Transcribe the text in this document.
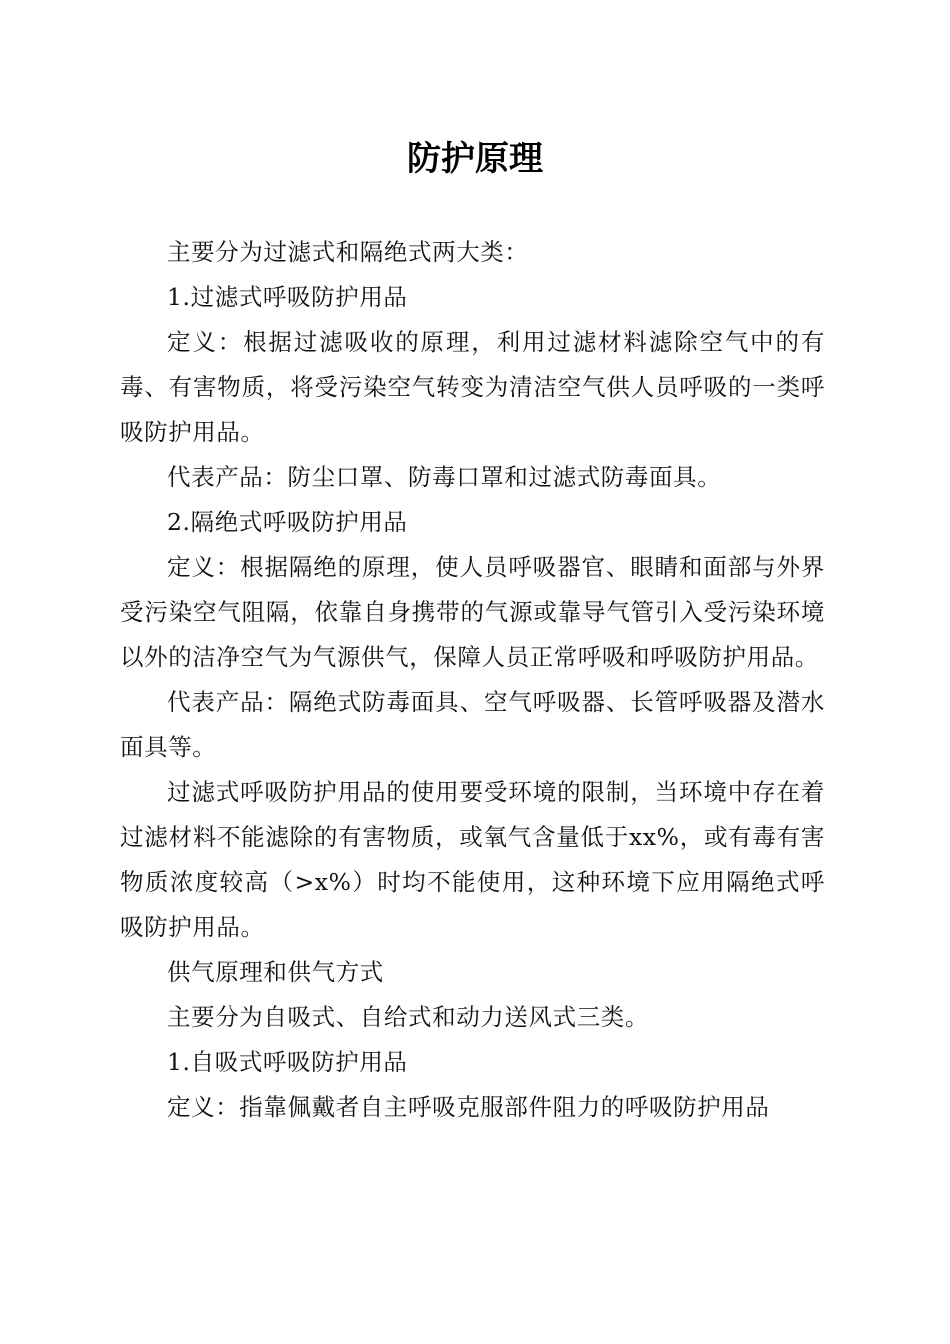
防护原理

主要分为过滤式和隔绝式两大类：

1.过滤式呼吸防护用品

定义：根据过滤吸收的原理，利用过滤材料滤除空气中的有毒、有害物质，将受污染空气转变为清洁空气供人员呼吸的一类呼吸防护用品。

代表产品：防尘口罩、防毒口罩和过滤式防毒面具。

2.隔绝式呼吸防护用品

定义：根据隔绝的原理，使人员呼吸器官、眼睛和面部与外界受污染空气阻隔，依靠自身携带的气源或靠导气管引入受污染环境以外的洁净空气为气源供气，保障人员正常呼吸和呼吸防护用品。

代表产品：隔绝式防毒面具、空气呼吸器、长管呼吸器及潜水面具等。

过滤式呼吸防护用品的使用要受环境的限制，当环境中存在着过滤材料不能滤除的有害物质，或氧气含量低于xx%，或有毒有害物质浓度较高（>x%）时均不能使用，这种环境下应用隔绝式呼吸防护用品。

供气原理和供气方式

主要分为自吸式、自给式和动力送风式三类。

1.自吸式呼吸防护用品

定义：指靠佩戴者自主呼吸克服部件阻力的呼吸防护用品
